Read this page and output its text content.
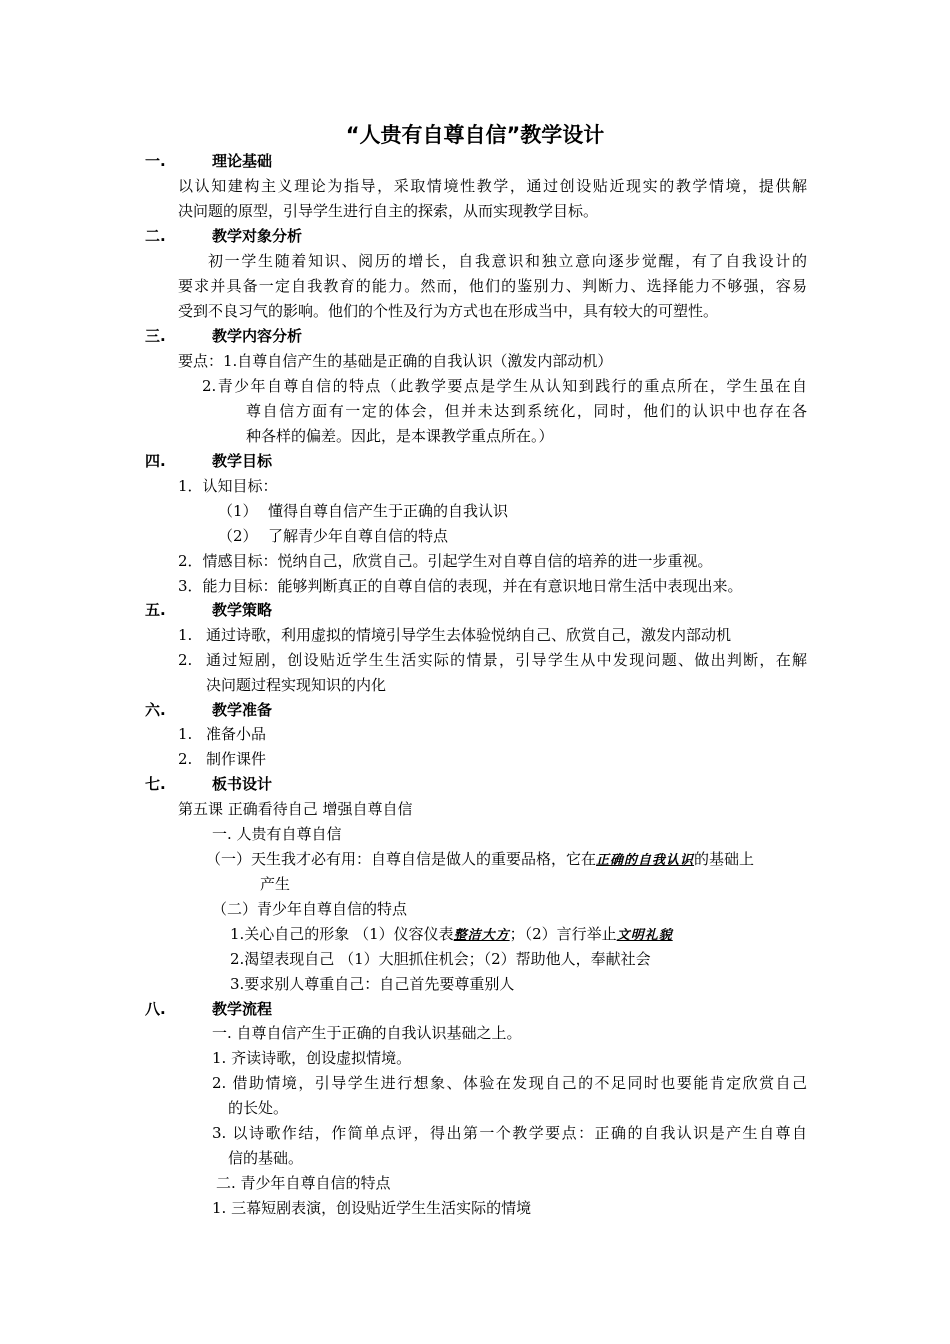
“人贵有自尊自信”教学设计
一.	理论基础
以认知建构主义理论为指导，采取情境性教学，通过创设贴近现实的教学情境，提供解
决问题的原型，引导学生进行自主的探索，从而实现教学目标。
二.	教学对象分析
初一学生随着知识、阅历的增长，自我意识和独立意向逐步觉醒，有了自我设计的
要求并具备一定自我教育的能力。然而，他们的鉴别力、判断力、选择能力不够强，容易
受到不良习气的影响。他们的个性及行为方式也在形成当中，具有较大的可塑性。
三.	教学内容分析
要点：1.自尊自信产生的基础是正确的自我认识（激发内部动机）
2.青少年自尊自信的特点（此教学要点是学生从认知到践行的重点所在，学生虽在自
尊自信方面有一定的体会，但并未达到系统化，同时，他们的认识中也存在各
种各样的偏差。因此，是本课教学重点所在。）
四.	教学目标
1．认知目标：
（1） 懂得自尊自信产生于正确的自我认识
（2） 了解青少年自尊自信的特点
2．情感目标：悦纳自己，欣赏自己。引起学生对自尊自信的培养的进一步重视。
3．能力目标：能够判断真正的自尊自信的表现，并在有意识地日常生活中表现出来。
五.	教学策略
1. 通过诗歌，利用虚拟的情境引导学生去体验悦纳自己、欣赏自己，激发内部动机
2. 通过短剧，创设贴近学生生活实际的情景，引导学生从中发现问题、做出判断，在解
决问题过程实现知识的内化
六.	教学准备
1. 准备小品
2. 制作课件
七.	板书设计
第五课 正确看待自己 增强自尊自信
一. 人贵有自尊自信
（一）天生我才必有用：自尊自信是做人的重要品格，它在正确的自我认识的基础上
产生
（二）青少年自尊自信的特点
1.关心自己的形象 （1）仪容仪表整洁大方；（2）言行举止文明礼貌
2.渴望表现自己 （1）大胆抓住机会；（2）帮助他人，奉献社会
3.要求别人尊重自己：自己首先要尊重别人
八.	教学流程
一. 自尊自信产生于正确的自我认识基础之上。
1. 齐读诗歌，创设虚拟情境。
2. 借助情境，引导学生进行想象、体验在发现自己的不足同时也要能肯定欣赏自己
的长处。
3. 以诗歌作结，作简单点评，得出第一个教学要点：正确的自我认识是产生自尊自
信的基础。
二. 青少年自尊自信的特点
1. 三幕短剧表演，创设贴近学生生活实际的情境
